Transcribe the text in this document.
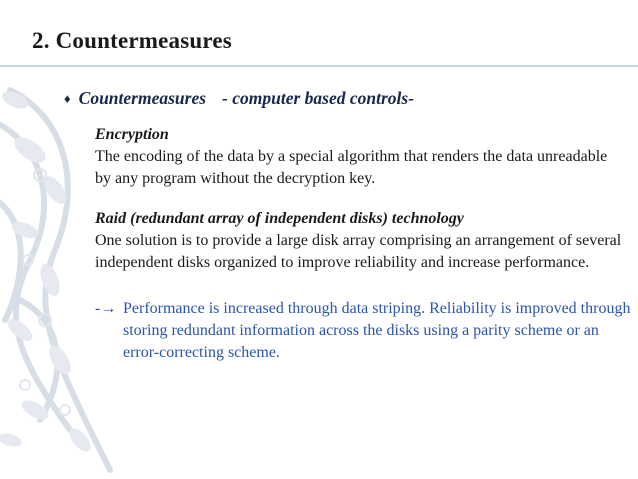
2. Countermeasures
♦ Countermeasures - computer based controls-
Encryption
The encoding of the data by a special algorithm that renders the data unreadable by any program without the decryption key.
Raid (redundant array of independent disks) technology
One solution is to provide a large disk array comprising an arrangement of several independent disks organized to improve reliability and increase performance.
-→ Performance is increased through data striping. Reliability is improved through storing redundant information across the disks using a parity scheme or an error-correcting scheme.
